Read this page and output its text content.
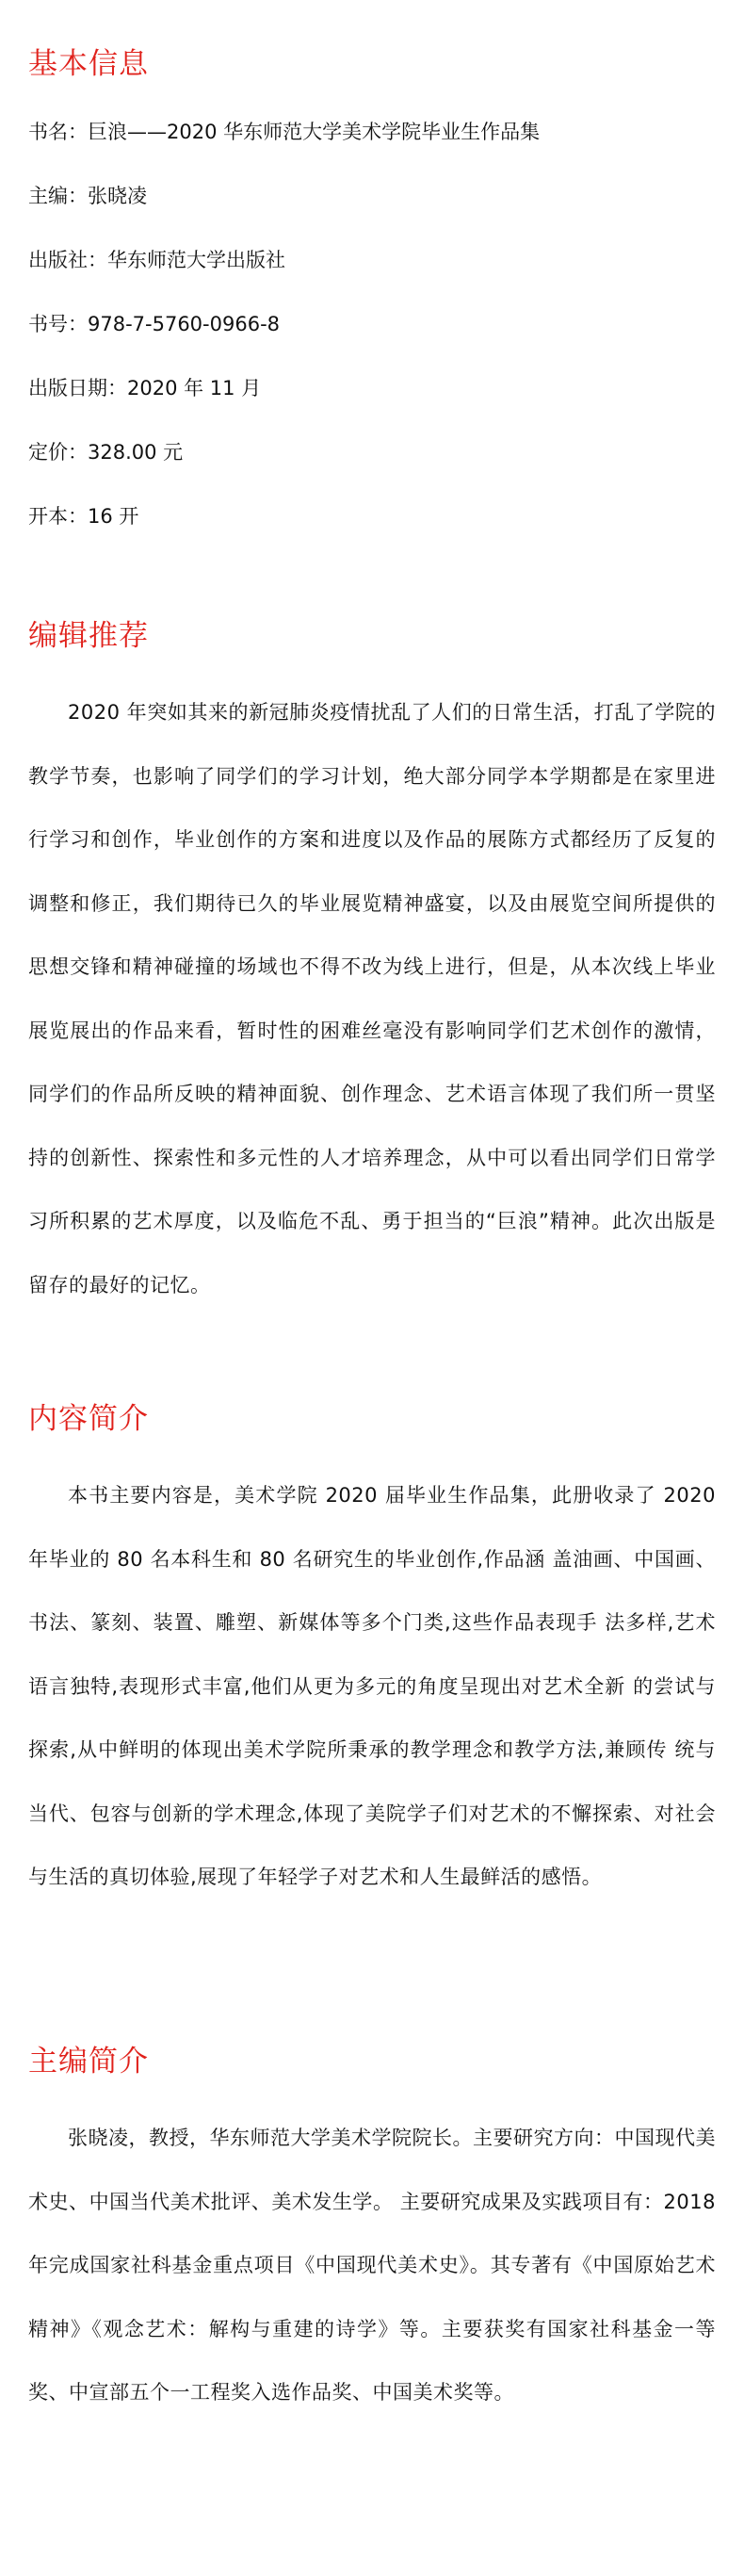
基本信息
书名：巨浪——2020 华东师范大学美术学院毕业生作品集
主编：张晓凌
出版社：华东师范大学出版社
书号：978-7-5760-0966-8
出版日期：2020 年 11 月
定价：328.00 元
开本：16 开
编辑推荐

2020 年突如其来的新冠肺炎疫情扰乱了人们的日常生活，打乱了学院的教学节奏，也影响了同学们的学习计划，绝大部分同学本学期都是在家里进行学习和创作，毕业创作的方案和进度以及作品的展陈方式都经历了反复的调整和修正，我们期待已久的毕业展览精神盛宴，以及由展览空间所提供的思想交锋和精神碰撞的场域也不得不改为线上进行，但是，从本次线上毕业展览展出的作品来看，暂时性的困难丝毫没有影响同学们艺术创作的激情，同学们的作品所反映的精神面貌、创作理念、艺术语言体现了我们所一贯坚持的创新性、探索性和多元性的人才培养理念，从中可以看出同学们日常学习所积累的艺术厚度，以及临危不乱、勇于担当的“巨浪”精神。此次出版是留存的最好的记忆。

内容简介

本书主要内容是，美术学院 2020 届毕业生作品集，此册收录了 2020 年毕业的 80 名本科生和 80 名研究生的毕业创作,作品涵 盖油画、中国画、书法、篆刻、装置、雕塑、新媒体等多个门类,这些作品表现手 法多样,艺术语言独特,表现形式丰富,他们从更为多元的角度呈现出对艺术全新 的尝试与探索,从中鲜明的体现出美术学院所秉承的教学理念和教学方法,兼顾传 统与当代、包容与创新的学术理念,体现了美院学子们对艺术的不懈探索、对社会 与生活的真切体验,展现了年轻学子对艺术和人生最鲜活的感悟。

主编简介

张晓凌，教授，华东师范大学美术学院院长。主要研究方向：中国现代美术史、中国当代美术批评、美术发生学。 主要研究成果及实践项目有：2018 年完成国家社科基金重点项目《中国现代美术史》。其专著有《中国原始艺术精神》《观念艺术：解构与重建的诗学》等。主要获奖有国家社科基金一等奖、中宣部五个一工程奖入选作品奖、中国美术奖等。
